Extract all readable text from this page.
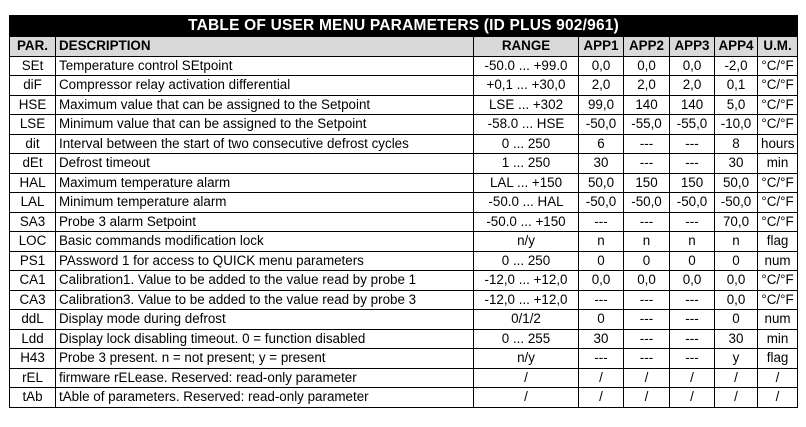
TABLE OF USER MENU PARAMETERS (ID PLUS 902/961)							
PAR.	DESCRIPTION	RANGE	APP1	APP2	APP3	APP4	U.M.
SEt	Temperature control SEtpoint	-50.0 ... +99.0	0,0	0,0	0,0	-2,0	°C/°F
diF	Compressor relay activation differential	+0,1 ... +30,0	2,0	2,0	2,0	0,1	°C/°F
HSE	Maximum value that can be assigned to the Setpoint	LSE ... +302	99,0	140	140	5,0	°C/°F
LSE	Minimum value that can be assigned to the Setpoint	-58.0 ... HSE	-50,0	-55,0	-55,0	-10,0	°C/°F
dit	Interval between the start of two consecutive defrost cycles	0 ... 250	6	---	---	8	hours
dEt	Defrost timeout	1 ... 250	30	---	---	30	min
HAL	Maximum temperature alarm	LAL ... +150	50,0	150	150	50,0	°C/°F
LAL	Minimum temperature alarm	-50.0 ... HAL	-50,0	-50,0	-50,0	-50,0	°C/°F
SA3	Probe 3 alarm Setpoint	-50.0 ... +150	---	---	---	70,0	°C/°F
LOC	Basic commands modification lock	n/y	n	n	n	n	flag
PS1	PAssword 1 for access to QUICK menu parameters	0 ... 250	0	0	0	0	num
CA1	Calibration1. Value to be added to the value read by probe 1	-12,0 ... +12,0	0,0	0,0	0,0	0,0	°C/°F
CA3	Calibration3. Value to be added to the value read by probe 3	-12,0 ... +12,0	---	---	---	0,0	°C/°F
ddL	Display mode during defrost	0/1/2	0	---	---	0	num
Ldd	Display lock disabling timeout. 0 = function disabled	0 ... 255	30	---	---	30	min
H43	Probe 3 present. n = not present; y = present	n/y	---	---	---	y	flag
rEL	firmware rELease. Reserved: read-only parameter	/	/	/	/	/	/
tAb	tAble of parameters. Reserved: read-only parameter	/	/	/	/	/	/
